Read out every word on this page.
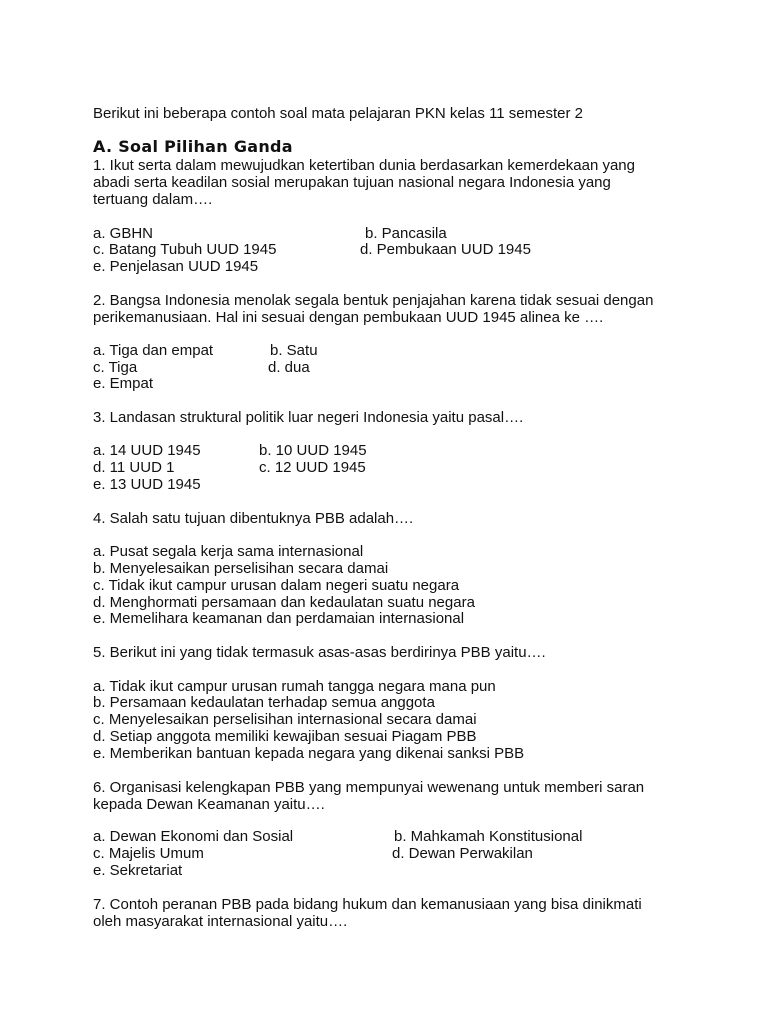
Berikut ini beberapa contoh soal mata pelajaran PKN kelas 11 semester 2
A. Soal Pilihan Ganda
1. Ikut serta dalam mewujudkan ketertiban dunia berdasarkan kemerdekaan yang
abadi serta keadilan sosial merupakan tujuan nasional negara Indonesia yang
tertuang dalam….
a. GBHN	b. Pancasila
c. Batang Tubuh UUD 1945	d. Pembukaan UUD 1945
e. Penjelasan UUD 1945
2. Bangsa Indonesia menolak segala bentuk penjajahan karena tidak sesuai dengan
perikemanusiaan. Hal ini sesuai dengan pembukaan UUD 1945 alinea ke ….
a. Tiga dan empat	b. Satu
c. Tiga	d. dua
e. Empat
3. Landasan struktural politik luar negeri Indonesia yaitu pasal….
a. 14 UUD 1945	b. 10 UUD 1945
d. 11 UUD 1	c. 12 UUD 1945
e. 13 UUD 1945
4. Salah satu tujuan dibentuknya PBB adalah….
a. Pusat segala kerja sama internasional
b. Menyelesaikan perselisihan secara damai
c. Tidak ikut campur urusan dalam negeri suatu negara
d. Menghormati persamaan dan kedaulatan suatu negara
e. Memelihara keamanan dan perdamaian internasional
5. Berikut ini yang tidak termasuk asas-asas berdirinya PBB yaitu….
a. Tidak ikut campur urusan rumah tangga negara mana pun
b. Persamaan kedaulatan terhadap semua anggota
c. Menyelesaikan perselisihan internasional secara damai
d. Setiap anggota memiliki kewajiban sesuai Piagam PBB
e. Memberikan bantuan kepada negara yang dikenai sanksi PBB
6. Organisasi kelengkapan PBB yang mempunyai wewenang untuk memberi saran
kepada Dewan Keamanan yaitu….
a. Dewan Ekonomi dan Sosial	b. Mahkamah Konstitusional
c. Majelis Umum	d. Dewan Perwakilan
e. Sekretariat
7. Contoh peranan PBB pada bidang hukum dan kemanusiaan yang bisa dinikmati
oleh masyarakat internasional yaitu….
